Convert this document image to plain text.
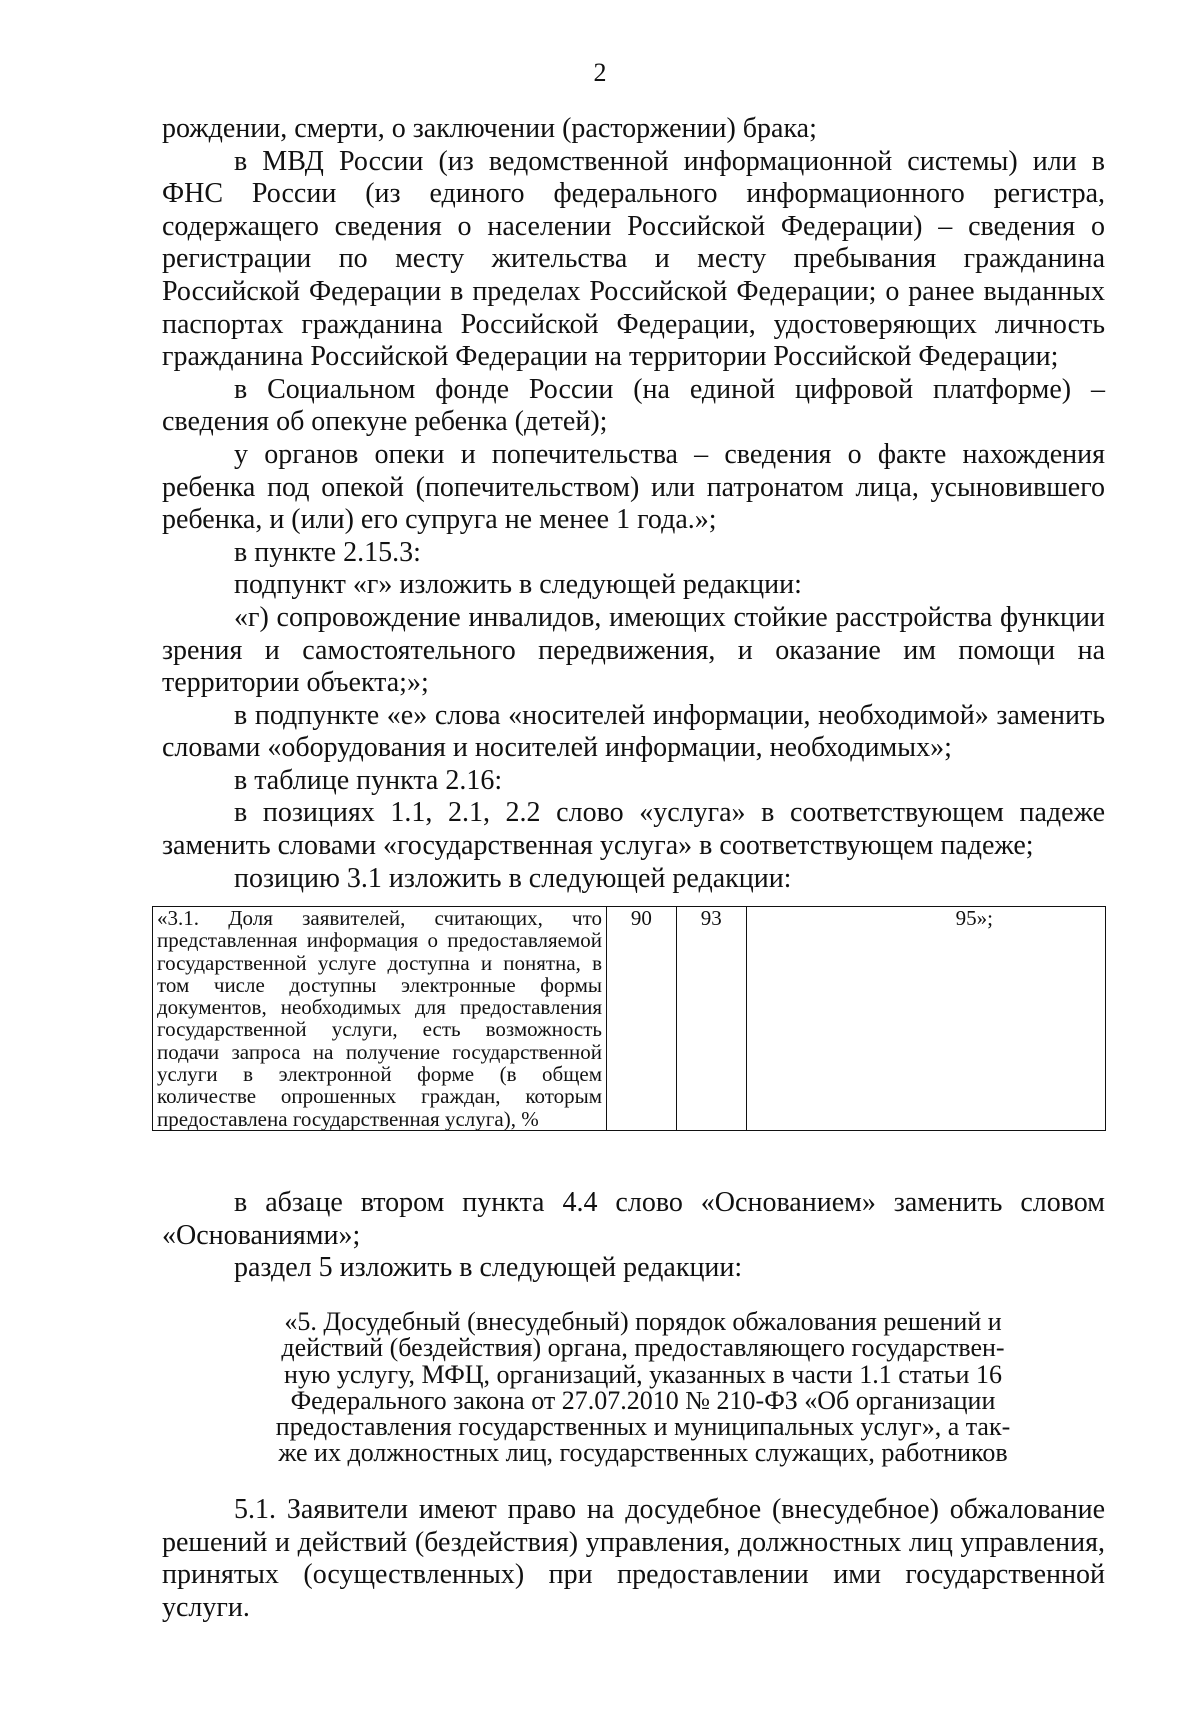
2

рождении, смерти, о заключении (расторжении) брака;

в МВД России (из ведомственной информационной системы) или в ФНС России (из единого федерального информационного регистра, содержащего сведения о населении Российской Федерации) – сведения о регистрации по месту жительства и месту пребывания гражданина Российской Федерации в пределах Российской Федерации; о ранее выданных паспортах гражданина Российской Федерации, удостоверяющих личность гражданина Российской Федерации на территории Российской Федерации;

в Социальном фонде России (на единой цифровой платформе) – сведения об опекуне ребенка (детей);

у органов опеки и попечительства – сведения о факте нахождения ребенка под опекой (попечительством) или патронатом лица, усыновившего ребенка, и (или) его супруга не менее 1 года.»;

в пункте 2.15.3:

подпункт «г» изложить в следующей редакции:

«г) сопровождение инвалидов, имеющих стойкие расстройства функции зрения и самостоятельного передвижения, и оказание им помощи на территории объекта;»;

в подпункте «е» слова «носителей информации, необходимой» заменить словами «оборудования и носителей информации, необходимых»;

в таблице пункта 2.16:

в позициях 1.1, 2.1, 2.2 слово «услуга» в соответствующем падеже заменить словами «государственная услуга» в соответствующем падеже;

позицию 3.1 изложить в следующей редакции:

«3.1. Доля заявителей, считающих, что представленная информация о предоставляемой государственной услуге доступна и понятна, в том числе доступны электронные формы документов, необходимых для предоставления государственной услуги, есть возможность подачи запроса на получение государственной услуги в электронной форме (в общем количестве опрошенных граждан, которым предоставлена государственная услуга), %	90	93	95»;

в абзаце втором пункта 4.4 слово «Основанием» заменить словом «Основаниями»;

раздел 5 изложить в следующей редакции:

«5. Досудебный (внесудебный) порядок обжалования решений и

действий (бездействия) органа, предоставляющего государствен-

ную услугу, МФЦ, организаций, указанных в части 1.1 статьи 16

Федерального закона от 27.07.2010 № 210-ФЗ «Об организации

предоставления государственных и муниципальных услуг», а так-

же их должностных лиц, государственных служащих, работников

5.1. Заявители имеют право на досудебное (внесудебное) обжалование решений и действий (бездействия) управления, должностных лиц управления, принятых (осуществленных) при предоставлении ими государственной услуги.
